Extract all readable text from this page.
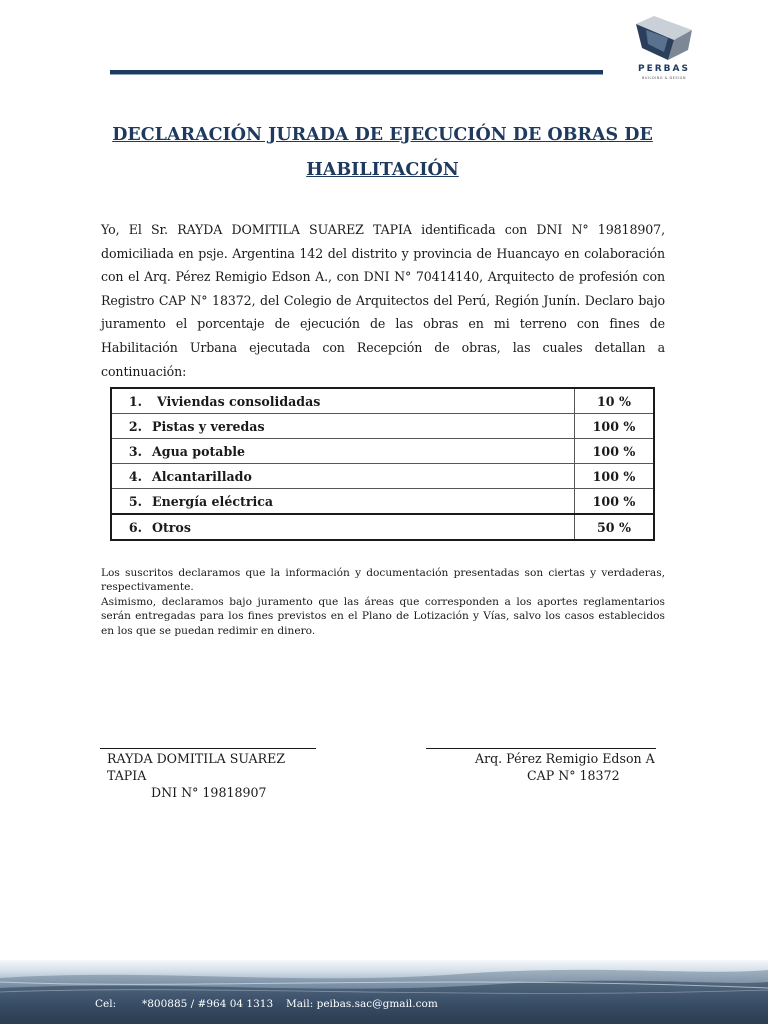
PERBAS
BUILDING & DESIGN
DECLARACIÓN JURADA DE EJECUCIÓN DE OBRAS DE
HABILITACIÓN
Yo, El Sr. RAYDA DOMITILA SUAREZ TAPIA identificada con DNI N° 19818907, domiciliada en psje. Argentina 142 del distrito y provincia de Huancayo en colaboración con el Arq. Pérez Remigio Edson A., con DNI N° 70414140, Arquitecto de profesión con Registro CAP N° 18372, del Colegio de Arquitectos del Perú, Región Junín. Declaro bajo juramento el porcentaje de ejecución de las obras en mi terreno con fines de Habilitación Urbana ejecutada con Recepción de obras, las cuales detallan a continuación:
1. Viviendas consolidadas	10 %
2. Pistas y veredas	100 %
3. Agua potable	100 %
4. Alcantarillado	100 %
5. Energía eléctrica	100 %
6. Otros	50 %

Los suscritos declaramos que la información y documentación presentadas son ciertas y verdaderas, respectivamente.

Asimismo, declaramos bajo juramento que las áreas que corresponden a los aportes reglamentarios serán entregadas para los fines previstos en el Plano de Lotización y Vías, salvo los casos establecidos en los que se puedan redimir en dinero.

RAYDA DOMITILA SUAREZ TAPIA
DNI N° 19818907
Arq. Pérez Remigio Edson A
CAP N° 18372
Cel: *800885 / #964 04 1313 Mail: peibas.sac@gmail.com
